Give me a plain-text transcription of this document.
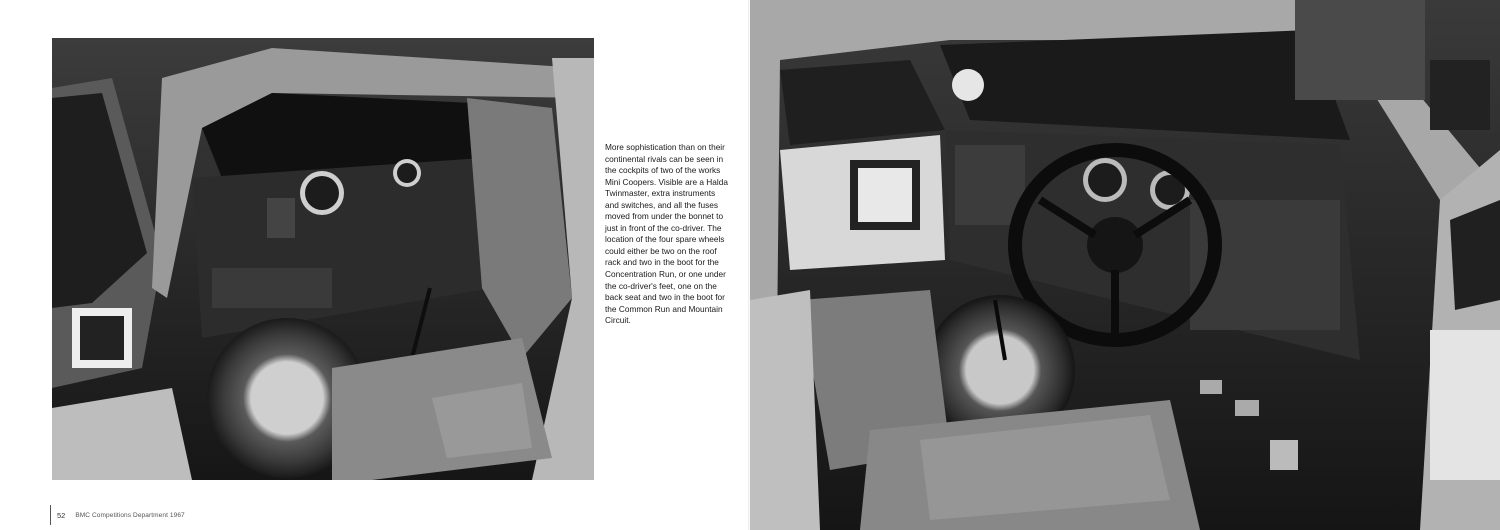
More sophistication than on their continental rivals can be seen in the cockpits of two of the works Mini Coopers. Visible are a Halda Twinmaster, extra instruments and switches, and all the fuses moved from under the bonnet to just in front of the co-driver. The location of the four spare wheels could either be two on the roof rack and two in the boot for the Concentration Run, or one under the co-driver's feet, one on the back seat and two in the boot for the Common Run and Mountain Circuit.

52 BMC Competitions Department 1967
